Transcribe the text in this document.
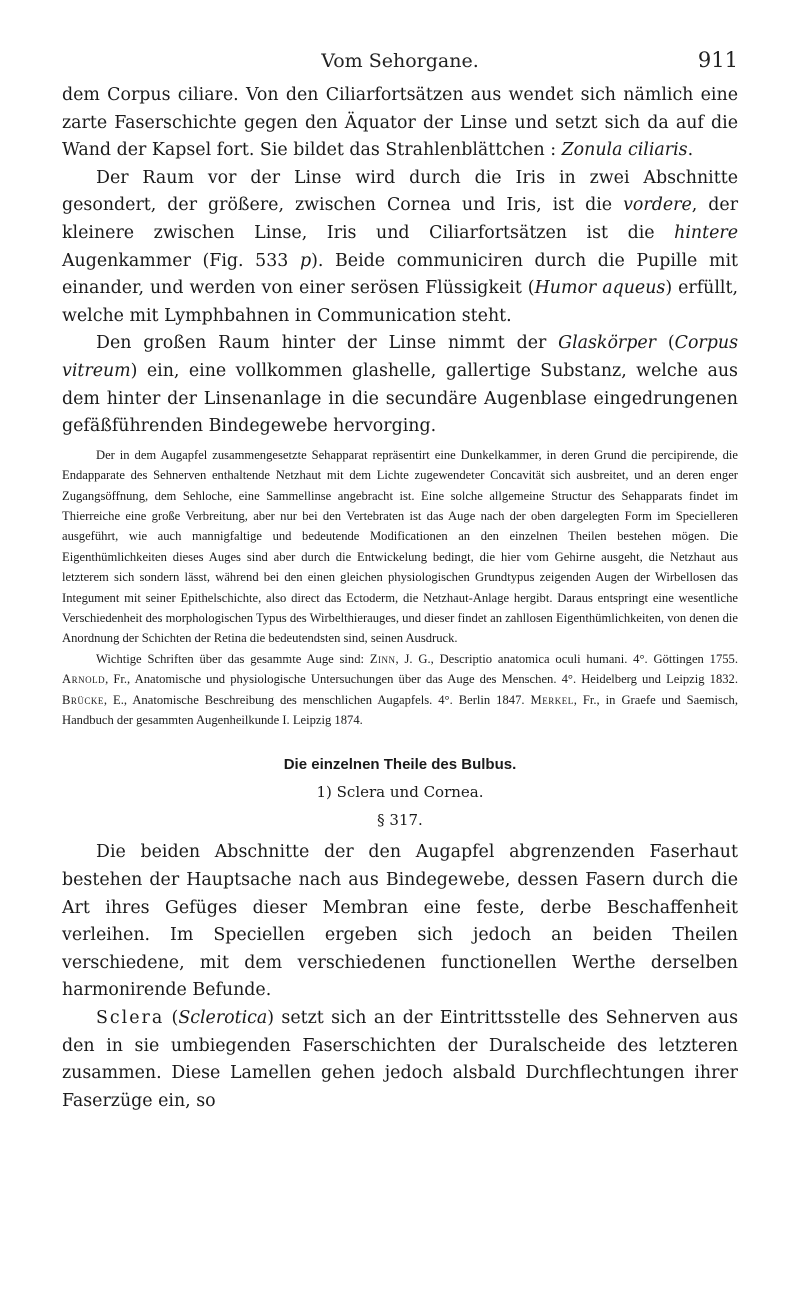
Vom Sehorgane.	911

dem Corpus ciliare. Von den Ciliarfortsätzen aus wendet sich nämlich eine zarte Faserschichte gegen den Äquator der Linse und setzt sich da auf die Wand der Kapsel fort. Sie bildet das Strahlenblättchen : Zonula ciliaris.

Der Raum vor der Linse wird durch die Iris in zwei Abschnitte gesondert, der größere, zwischen Cornea und Iris, ist die vordere, der kleinere zwischen Linse, Iris und Ciliarfortsätzen ist die hintere Augenkammer (Fig. 533 p). Beide communiciren durch die Pupille mit einander, und werden von einer serösen Flüssigkeit (Humor aqueus) erfüllt, welche mit Lymphbahnen in Communication steht.

Den großen Raum hinter der Linse nimmt der Glaskörper (Corpus vitreum) ein, eine vollkommen glashelle, gallertige Substanz, welche aus dem hinter der Linsenanlage in die secundäre Augenblase eingedrungenen gefäßführenden Bindegewebe hervorging.

Der in dem Augapfel zusammengesetzte Sehapparat repräsentirt eine Dunkelkammer, in deren Grund die percipirende, die Endapparate des Sehnerven enthaltende Netzhaut mit dem Lichte zugewendeter Concavität sich ausbreitet, und an deren enger Zugangsöffnung, dem Sehloche, eine Sammellinse angebracht ist. Eine solche allgemeine Structur des Sehapparats findet im Thierreiche eine große Verbreitung, aber nur bei den Vertebraten ist das Auge nach der oben dargelegten Form im Specielleren ausgeführt, wie auch mannigfaltige und bedeutende Modificationen an den einzelnen Theilen bestehen mögen. Die Eigenthümlichkeiten dieses Auges sind aber durch die Entwickelung bedingt, die hier vom Gehirne ausgeht, die Netzhaut aus letzterem sich sondern lässt, während bei den einen gleichen physiologischen Grundtypus zeigenden Augen der Wirbellosen das Integument mit seiner Epithelschichte, also direct das Ectoderm, die Netzhaut-Anlage hergibt. Daraus entspringt eine wesentliche Verschiedenheit des morphologischen Typus des Wirbelthierauges, und dieser findet an zahllosen Eigenthümlichkeiten, von denen die Anordnung der Schichten der Retina die bedeutendsten sind, seinen Ausdruck.

Wichtige Schriften über das gesammte Auge sind: Zinn, J. G., Descriptio anatomica oculi humani. 4°. Göttingen 1755. Arnold, Fr., Anatomische und physiologische Untersuchungen über das Auge des Menschen. 4°. Heidelberg und Leipzig 1832. Brücke, E., Anatomische Beschreibung des menschlichen Augapfels. 4°. Berlin 1847. Merkel, Fr., in Graefe und Saemisch, Handbuch der gesammten Augenheilkunde I. Leipzig 1874.

Die einzelnen Theile des Bulbus.
1) Sclera und Cornea.
§ 317.

Die beiden Abschnitte der den Augapfel abgrenzenden Faserhaut bestehen der Hauptsache nach aus Bindegewebe, dessen Fasern durch die Art ihres Gefüges dieser Membran eine feste, derbe Beschaffenheit verleihen. Im Speciellen ergeben sich jedoch an beiden Theilen verschiedene, mit dem verschiedenen functionellen Werthe derselben harmonirende Befunde.

Sclera (Sclerotica) setzt sich an der Eintrittsstelle des Sehnerven aus den in sie umbiegenden Faserschichten der Duralscheide des letzteren zusammen. Diese Lamellen gehen jedoch alsbald Durchflechtungen ihrer Faserzüge ein, so
